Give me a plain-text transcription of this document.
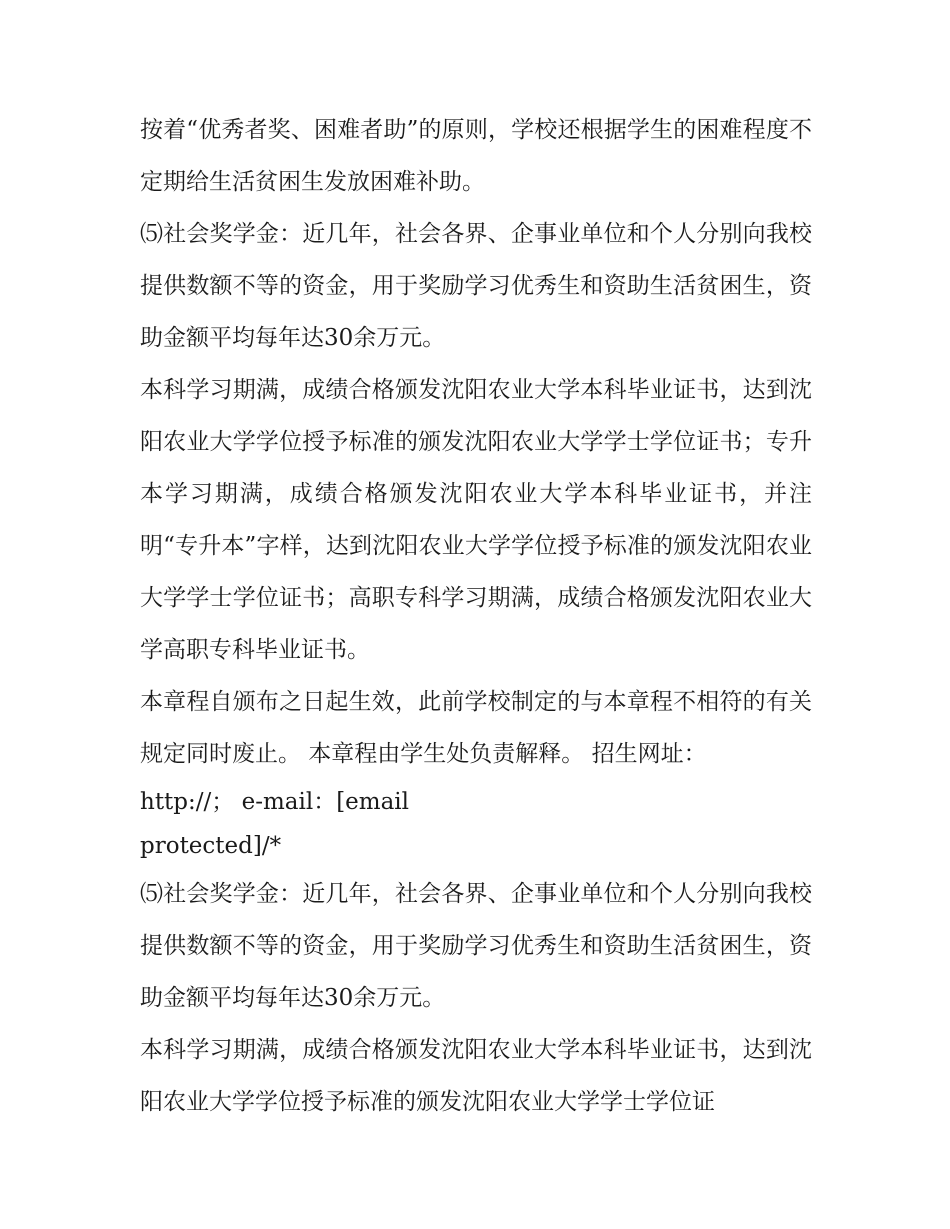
按着“优秀者奖、困难者助”的原则，学校还根据学生的困难程度不定期给生活贫困生发放困难补助。

⑸社会奖学金：近几年，社会各界、企事业单位和个人分别向我校提供数额不等的资金，用于奖励学习优秀生和资助生活贫困生，资助金额平均每年达30余万元。

本科学习期满，成绩合格颁发沈阳农业大学本科毕业证书，达到沈阳农业大学学位授予标准的颁发沈阳农业大学学士学位证书；专升本学习期满，成绩合格颁发沈阳农业大学本科毕业证书，并注明“专升本”字样，达到沈阳农业大学学位授予标准的颁发沈阳农业大学学士学位证书；高职专科学习期满，成绩合格颁发沈阳农业大学高职专科毕业证书。

本章程自颁布之日起生效，此前学校制定的与本章程不相符的有关规定同时废止。 本章程由学生处负责解释。 招生网址：

http://； e-mail：[email

protected]/*

⑸社会奖学金：近几年，社会各界、企事业单位和个人分别向我校提供数额不等的资金，用于奖励学习优秀生和资助生活贫困生，资助金额平均每年达30余万元。

本科学习期满，成绩合格颁发沈阳农业大学本科毕业证书，达到沈阳农业大学学位授予标准的颁发沈阳农业大学学士学位证
